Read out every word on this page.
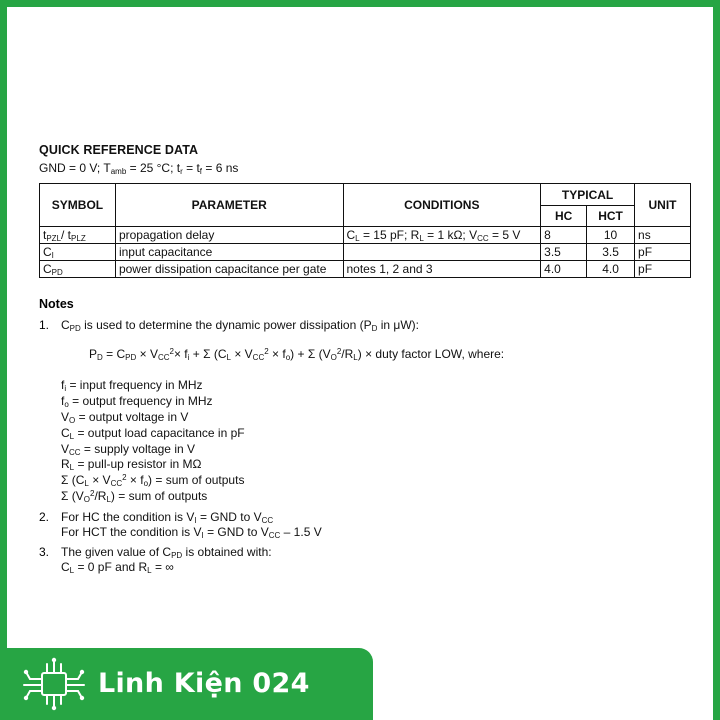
QUICK REFERENCE DATA
GND = 0 V; $T_{amb} = 25$ °C; $t_r = t_f = 6$ ns
SYMBOL	PARAMETER	CONDITIONS	TYPICAL		UNIT
			HC	HCT	
$t_{PZL}/$ $t_{PLZ}$	propagation delay	$C_L = 15$ pF; $R_L = 1$ kΩ; $V_{CC} = 5$ V	8	10	ns
$C_I$	input capacitance		3.5	3.5	pF
$C_{PD}$	power dissipation capacitance per gate	notes 1, 2 and 3	4.0	4.0	pF
Notes
1. $C_{PD}$ is used to determine the dynamic power dissipation ($P_D$ in μW):
$P_D = C_{PD} \times V_{CC}^2\times f_i + \Sigma$ $(C_L \times V_{CC}^2 \times f_o) + \Sigma$ $(V_O^2/R_L)$ × duty factor LOW, where:
$f_i$ = input frequency in MHz
$f_o$ = output frequency in MHz
$V_O$ = output voltage in V
$C_L$ = output load capacitance in pF
$V_{CC}$ = supply voltage in V
$R_L$ = pull-up resistor in MΩ
Σ $(C_L \times V_{CC}^2 \times f_o)$ = sum of outputs
Σ $(V_O^2/R_L)$ = sum of outputs
2. For HC the condition is $V_I$ = GND to $V_{CC}$
For HCT the condition is $V_I$ = GND to $V_{CC} - 1.5$ V
3. The given value of $C_{PD}$ is obtained with:
$C_L = 0$ pF and $R_L$ = ∞
Linh Kiện 024
